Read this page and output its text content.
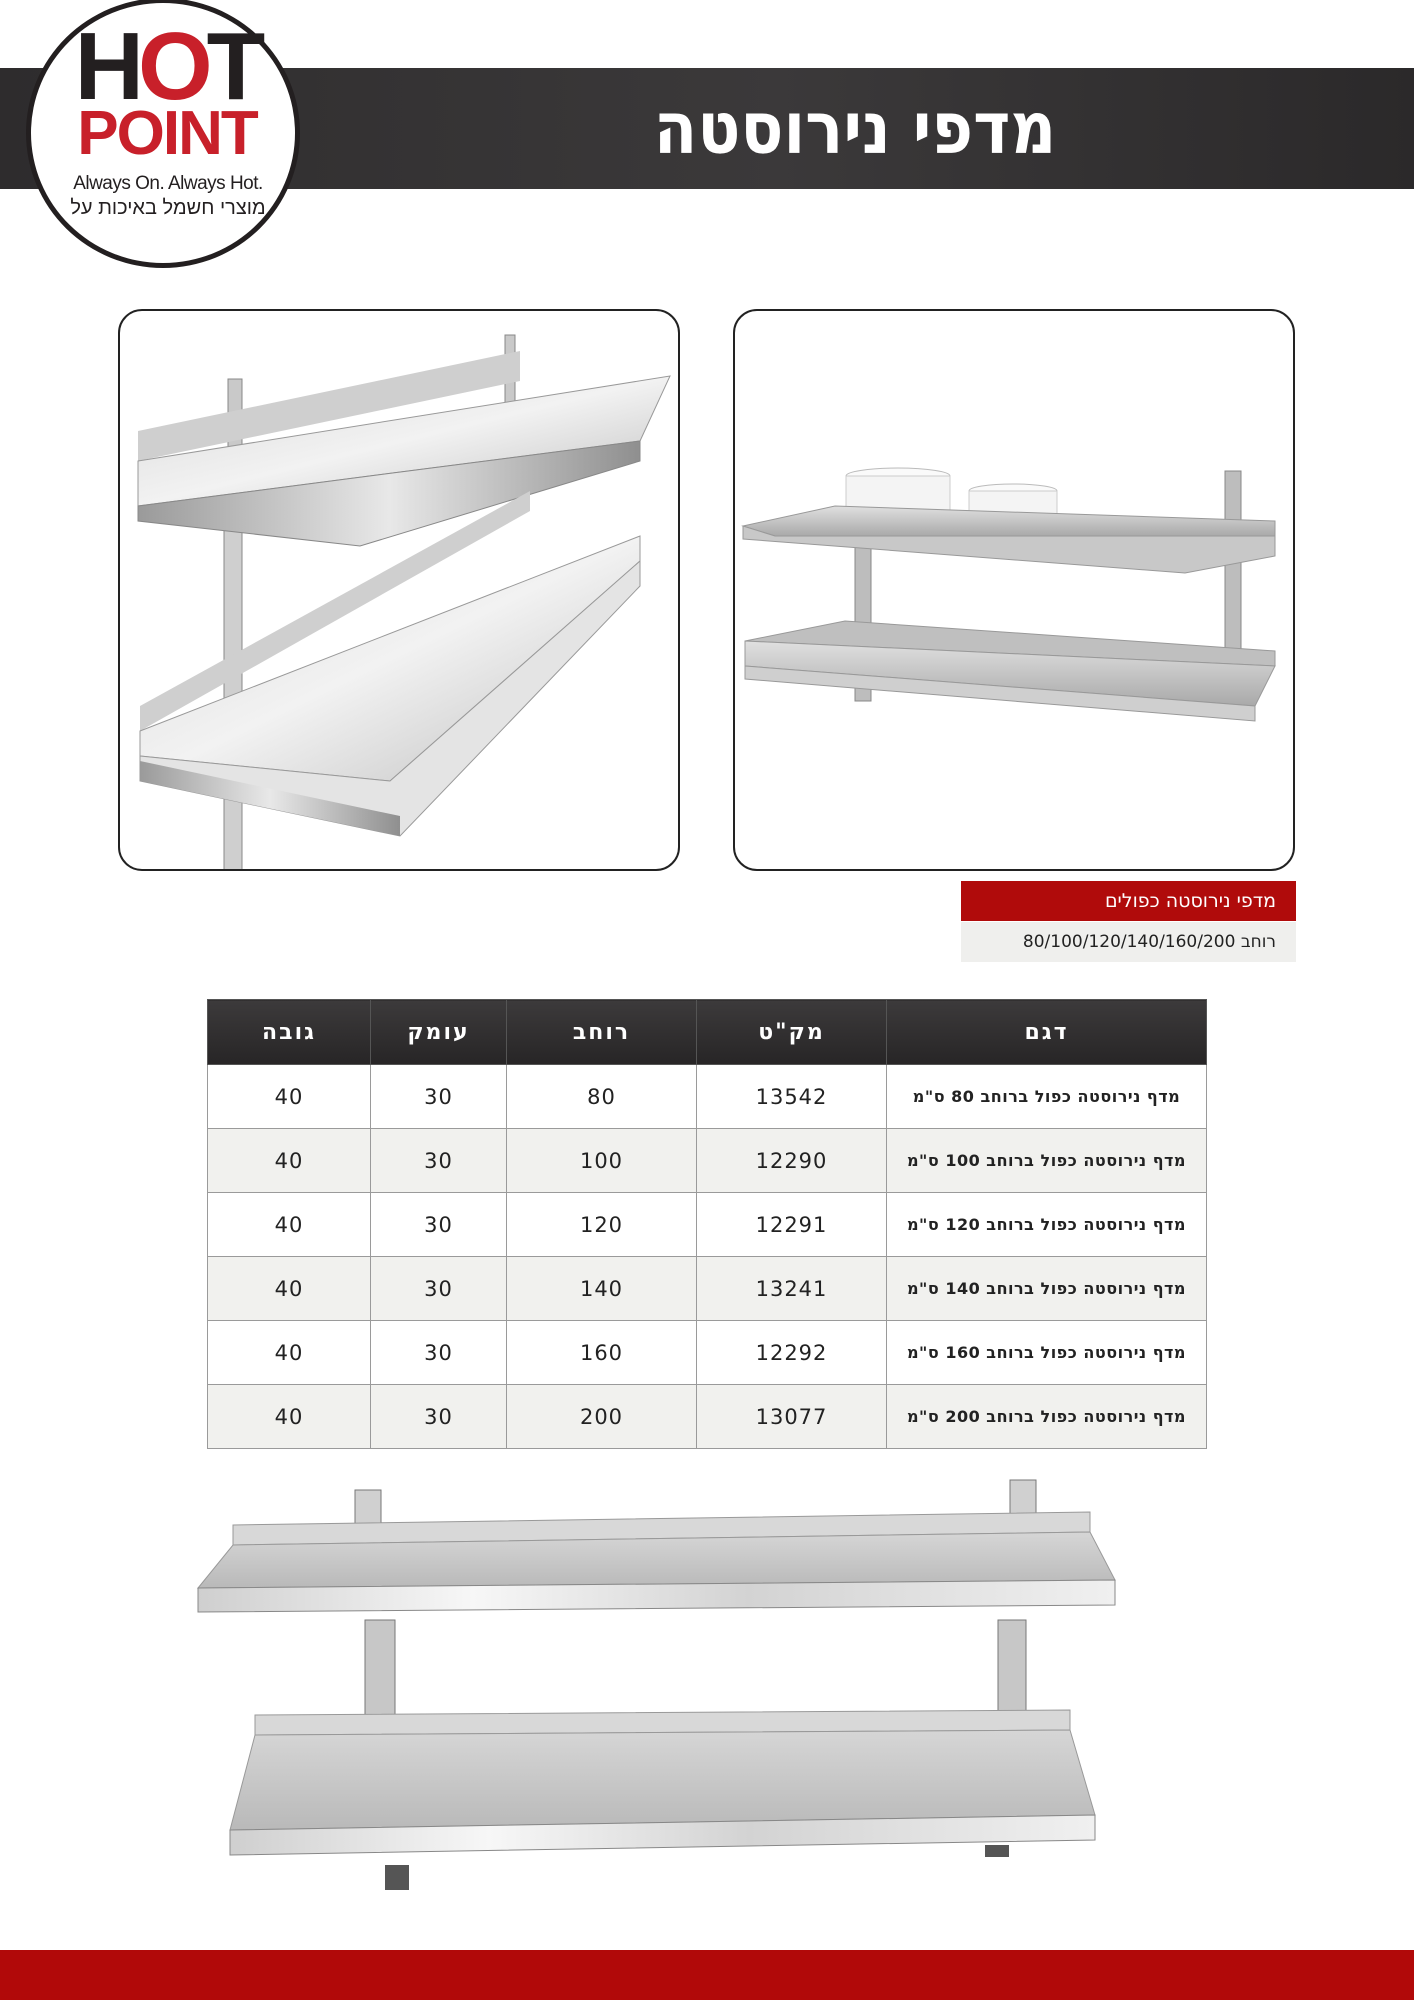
מדפי נירוסטה
HOT
POINT
Always On. Always Hot.
מוצרי חשמל באיכות על
מדפי נירוסטה כפולים
רוחב 80/100/120/140/160/200
דגם	מק"ט	רוחב	עומק	גובה
מדף נירוסטה כפול ברוחב 80 ס"מ	13542	80	30	40
מדף נירוסטה כפול ברוחב 100 ס"מ	12290	100	30	40
מדף נירוסטה כפול ברוחב 120 ס"מ	12291	120	30	40
מדף נירוסטה כפול ברוחב 140 ס"מ	13241	140	30	40
מדף נירוסטה כפול ברוחב 160 ס"מ	12292	160	30	40
מדף נירוסטה כפול ברוחב 200 ס"מ	13077	200	30	40
